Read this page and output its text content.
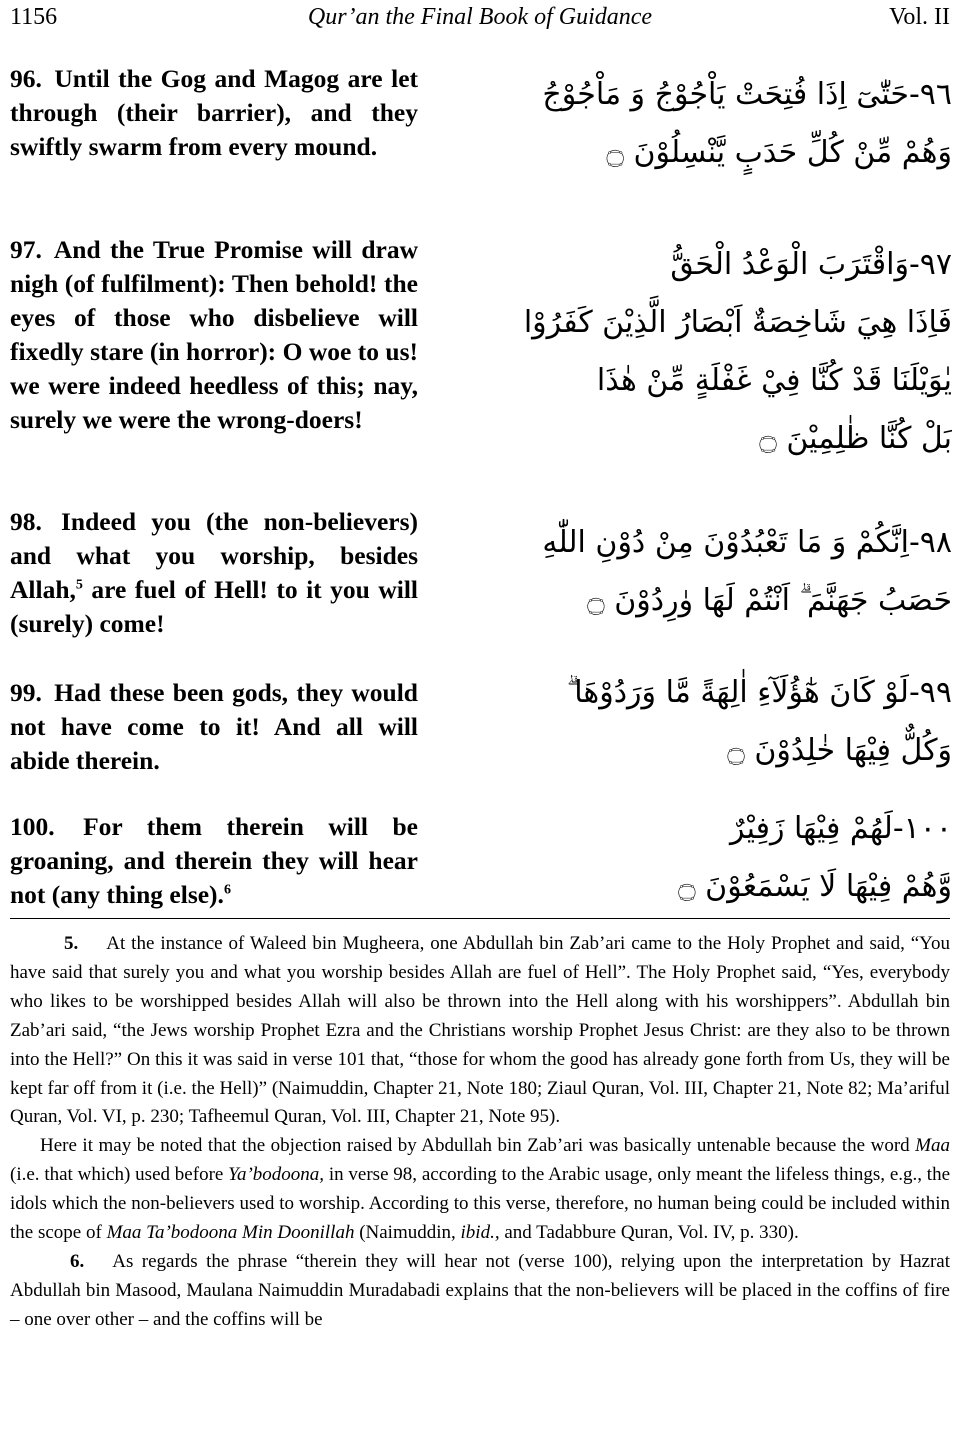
1156	Qur’an the Final Book of Guidance	Vol. II

96. Until the Gog and Magog are let through (their barrier), and they swiftly swarm from every mound.

٩٦-حَتّٰىٓ اِذَا فُتِحَتْ يَاْجُوْجُ وَ مَاْجُوْجُ
وَهُمْ مِّنْ كُلِّ حَدَبٍ يَّنْسِلُوْنَ ۝

97. And the True Promise will draw nigh (of fulfilment): Then behold! the eyes of those who disbelieve will fixedly stare (in horror): O woe to us! we were indeed heedless of this; nay, surely we were the wrong-doers!

٩٧-وَاقْتَرَبَ الْوَعْدُ الْحَقُّ
فَاِذَا هِيَ شَاخِصَةٌ اَبْصَارُ الَّذِيْنَ كَفَرُوْا
يٰوَيْلَنَا قَدْ كُنَّا فِيْ غَفْلَةٍ مِّنْ هٰذَا
بَلْ كُنَّا ظٰلِمِيْنَ ۝

98. Indeed you (the non-believers) and what you worship, besides Allah,$^5$ are fuel of Hell! to it you will (surely) come!

٩٨-اِنَّكُمْ وَ مَا تَعْبُدُوْنَ مِنْ دُوْنِ اللّٰهِ
حَصَبُ جَهَنَّمَ ۗ اَنْتُمْ لَهَا وٰرِدُوْنَ ۝

99. Had these been gods, they would not have come to it! And all will abide therein.

٩٩-لَوْ كَانَ هٰٓؤُلَآءِ اٰلِهَةً مَّا وَرَدُوْهَا ۗ
وَكُلٌّ فِيْهَا خٰلِدُوْنَ ۝

100. For them therein will be groaning, and therein they will hear not (any thing else).$^6$

١٠٠-لَهُمْ فِيْهَا زَفِيْرٌ
وَّهُمْ فِيْهَا لَا يَسْمَعُوْنَ ۝

5. At the instance of Waleed bin Mugheera, one Abdullah bin Zab’ari came to the Holy Prophet and said, “You have said that surely you and what you worship besides Allah are fuel of Hell”. The Holy Prophet said, “Yes, everybody who likes to be worshipped besides Allah will also be thrown into the Hell along with his worshippers”. Abdullah bin Zab’ari said, “the Jews worship Prophet Ezra and the Christians worship Prophet Jesus Christ: are they also to be thrown into the Hell?” On this it was said in verse 101 that, “those for whom the good has already gone forth from Us, they will be kept far off from it (i.e. the Hell)” (Naimuddin, Chapter 21, Note 180; Ziaul Quran, Vol. III, Chapter 21, Note 82; Ma’ariful Quran, Vol. VI, p. 230; Tafheemul Quran, Vol. III, Chapter 21, Note 95).

Here it may be noted that the objection raised by Abdullah bin Zab’ari was basically untenable because the word Maa (i.e. that which) used before Ya’bodoona, in verse 98, according to the Arabic usage, only meant the lifeless things, e.g., the idols which the non-believers used to worship. According to this verse, therefore, no human being could be included within the scope of Maa Ta’bodoona Min Doonillah (Naimuddin, ibid., and Tadabbure Quran, Vol. IV, p. 330).

6. As regards the phrase “therein they will hear not (verse 100), relying upon the interpretation by Hazrat Abdullah bin Masood, Maulana Naimuddin Muradabadi explains that the non-believers will be placed in the coffins of fire – one over other – and the coffins will be
